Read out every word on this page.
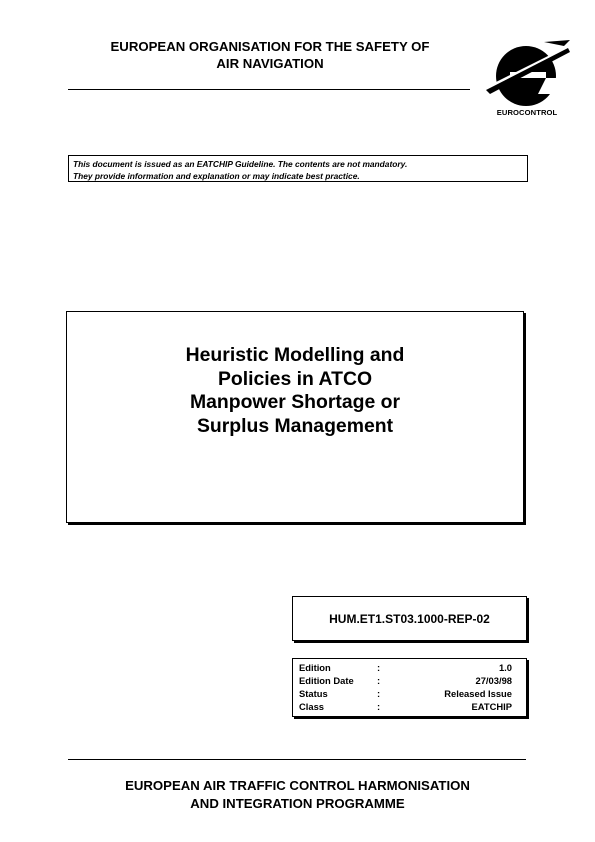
EUROPEAN ORGANISATION FOR THE SAFETY OF
AIR NAVIGATION
EUROCONTROL
This document is issued as an EATCHIP Guideline. The contents are not mandatory.
They provide information and explanation or may indicate best practice.
Heuristic Modelling and
Policies in ATCO
Manpower Shortage or
Surplus Management
HUM.ET1.ST03.1000-REP-02
Edition	:	1.0
Edition Date :	27/03/98
Status	:	Released Issue
Class	:	EATCHIP
EUROPEAN AIR TRAFFIC CONTROL HARMONISATION
AND INTEGRATION PROGRAMME
